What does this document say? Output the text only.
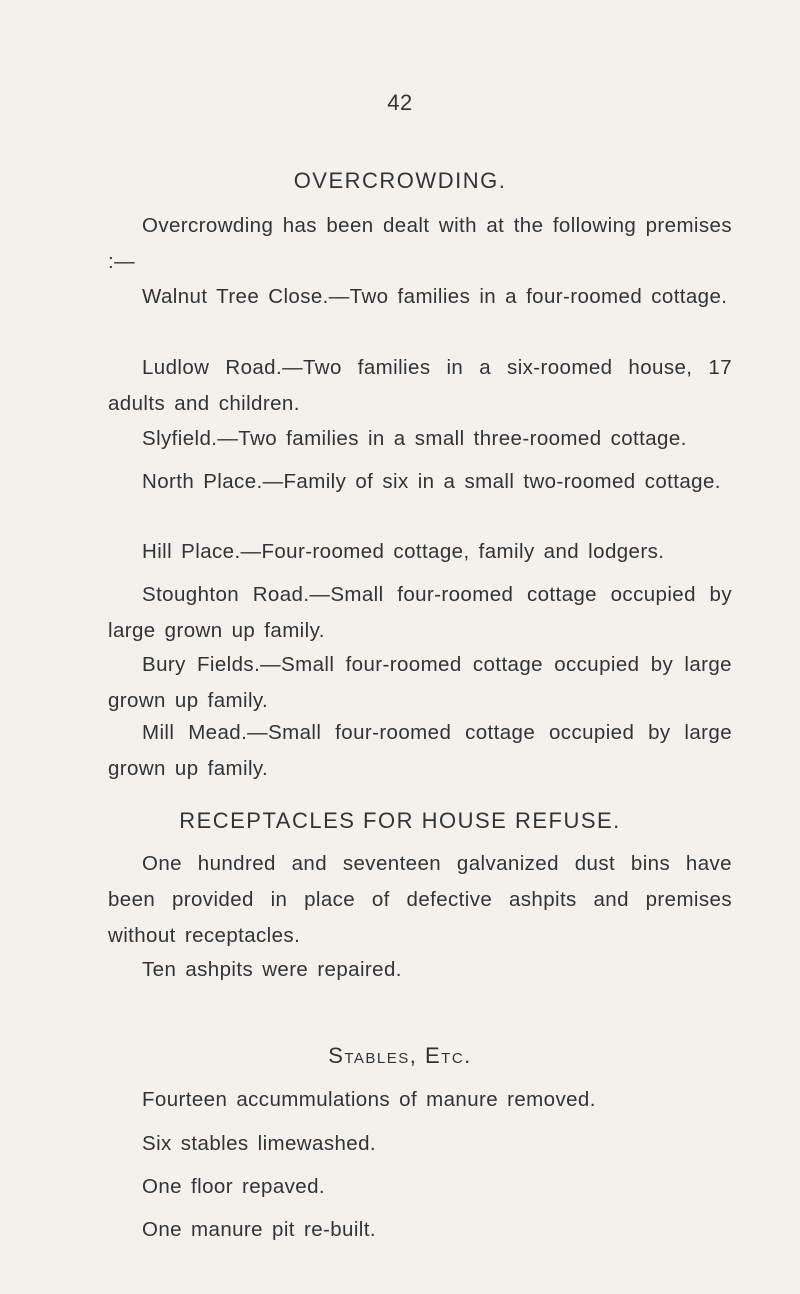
42
OVERCROWDING.

Overcrowding has been dealt with at the following premises :—

Walnut Tree Close.—Two families in a four-roomed cottage.

Ludlow Road.—Two families in a six-roomed house, 17 adults and children.

Slyfield.—Two families in a small three-roomed cottage.

North Place.—Family of six in a small two-roomed cottage.

Hill Place.—Four-roomed cottage, family and lodgers.

Stoughton Road.—Small four-roomed cottage occupied by large grown up family.

Bury Fields.—Small four-roomed cottage occupied by large grown up family.

Mill Mead.—Small four-roomed cottage occupied by large grown up family.

RECEPTACLES FOR HOUSE REFUSE.

One hundred and seventeen galvanized dust bins have been provided in place of defective ashpits and premises without receptacles.

Ten ashpits were repaired.

Stables, Etc.

Fourteen accummulations of manure removed.

Six stables limewashed.

One floor repaved.

One manure pit re-built.
